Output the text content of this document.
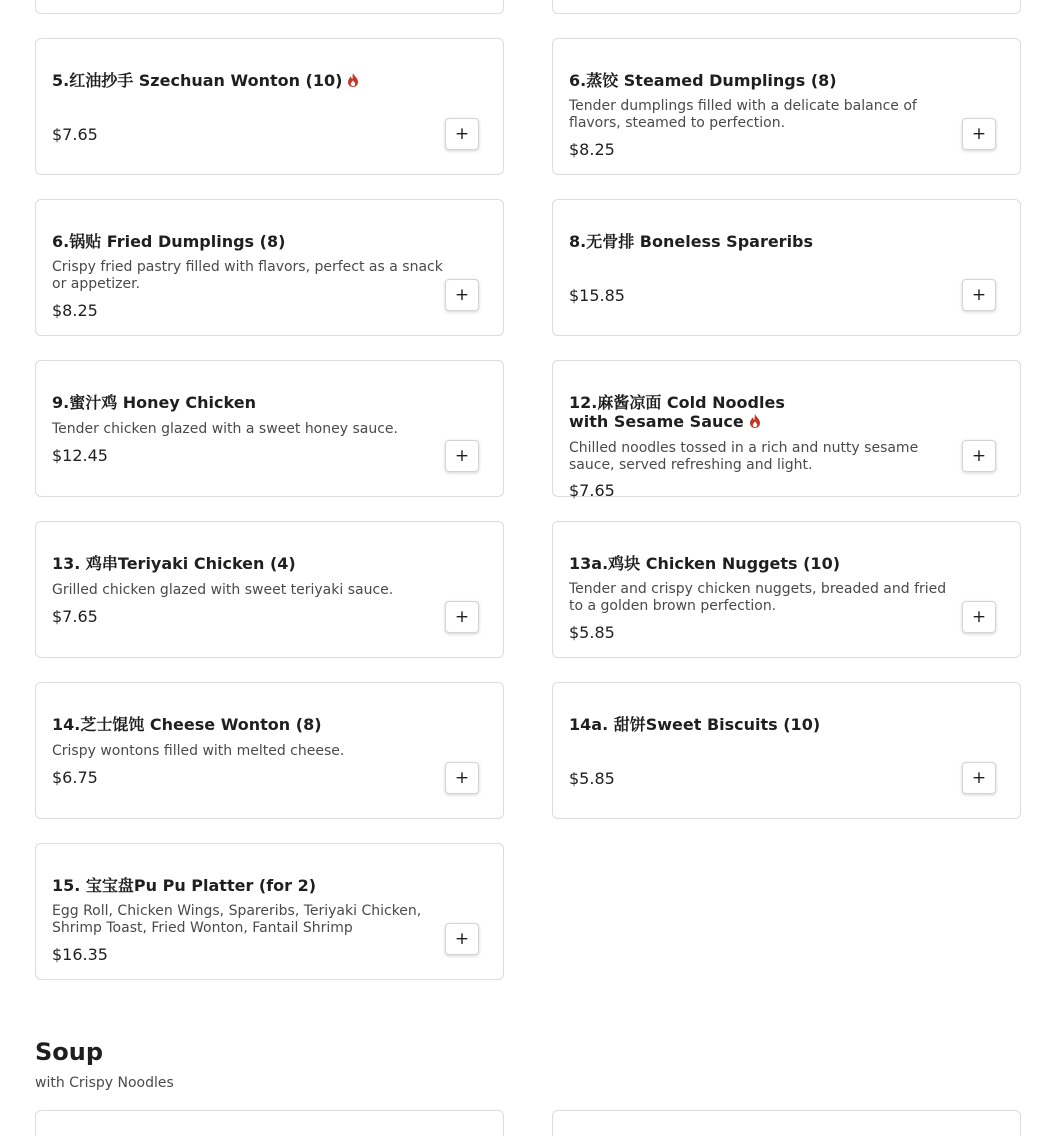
5.红油抄手 Szechuan Wonton (10)
$7.65	+
6.蒸饺 Steamed Dumplings (8)
Tender dumplings filled with a delicate balance of flavors, steamed to perfection.
$8.25
+
6.锅贴 Fried Dumplings (8)
Crispy fried pastry filled with flavors, perfect as a snack or appetizer.
$8.25
+
8.无骨排 Boneless Spareribs
$15.85	+
9.蜜汁鸡 Honey Chicken
Tender chicken glazed with a sweet honey sauce.
$12.45	+
12.麻酱凉面 Cold Noodles with Sesame Sauce
Chilled noodles tossed in a rich and nutty sesame sauce, served refreshing and light.
$7.65
+
13. 鸡串Teriyaki Chicken (4)
Grilled chicken glazed with sweet teriyaki sauce.
$7.65	+
13a.鸡块 Chicken Nuggets (10)
Tender and crispy chicken nuggets, breaded and fried to a golden brown perfection.
$5.85
+
14.芝士馄饨 Cheese Wonton (8)
Crispy wontons filled with melted cheese.
$6.75	+
14a. 甜饼Sweet Biscuits (10)
$5.85	+
15. 宝宝盘Pu Pu Platter (for 2)
Egg Roll, Chicken Wings, Spareribs, Teriyaki Chicken, Shrimp Toast, Fried Wonton, Fantail Shrimp
$16.35
+
Soup
with Crispy Noodles
